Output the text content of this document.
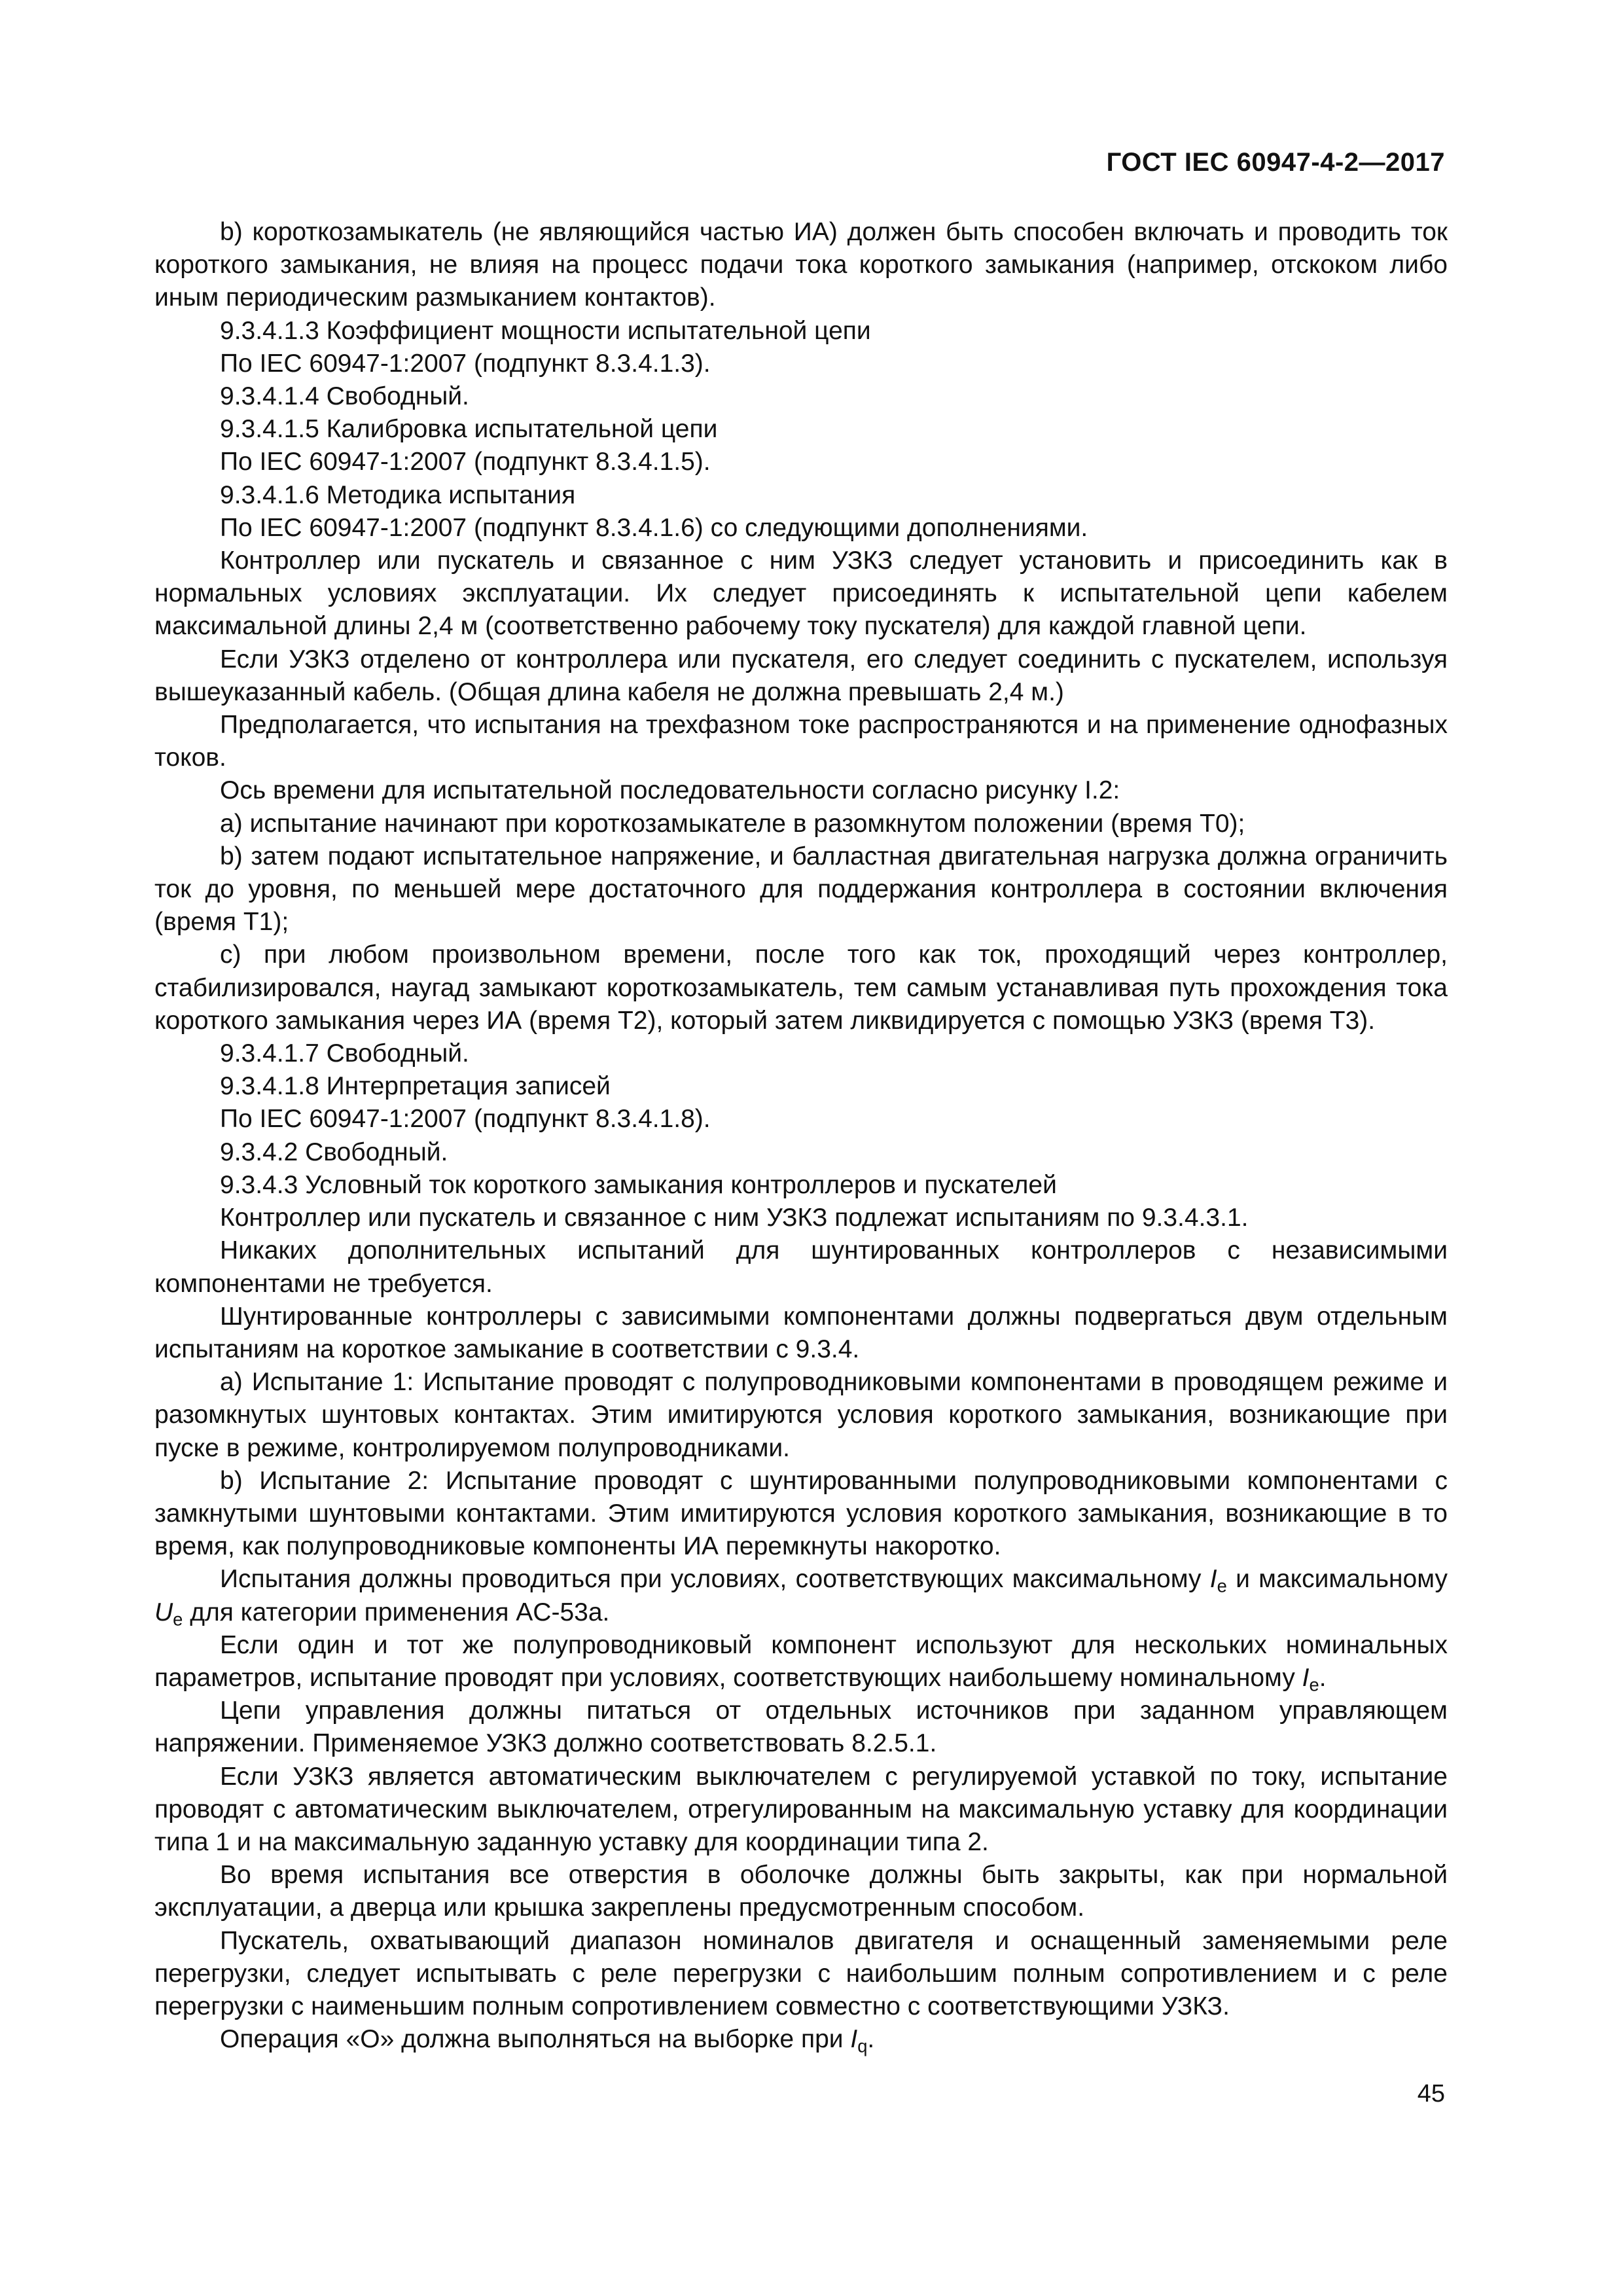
ГОСТ IEC 60947-4-2—2017

b) короткозамыкатель (не являющийся частью ИА) должен быть способен включать и проводить ток короткого замыкания, не влияя на процесс подачи тока короткого замыкания (например, отскоком либо иным периодическим размыканием контактов).

9.3.4.1.3 Коэффициент мощности испытательной цепи

По IEC 60947-1:2007 (подпункт 8.3.4.1.3).

9.3.4.1.4 Свободный.

9.3.4.1.5 Калибровка испытательной цепи

По IEC 60947-1:2007 (подпункт 8.3.4.1.5).

9.3.4.1.6 Методика испытания

По IEC 60947-1:2007 (подпункт 8.3.4.1.6) со следующими дополнениями.

Контроллер или пускатель и связанное с ним УЗКЗ следует установить и присоединить как в нормальных условиях эксплуатации. Их следует присоединять к испытательной цепи кабелем максимальной длины 2,4 м (соответственно рабочему току пускателя) для каждой главной цепи.

Если УЗКЗ отделено от контроллера или пускателя, его следует соединить с пускателем, используя вышеуказанный кабель. (Общая длина кабеля не должна превышать 2,4 м.)

Предполагается, что испытания на трехфазном токе распространяются и на применение однофазных токов.

Ось времени для испытательной последовательности согласно рисунку I.2:

a) испытание начинают при короткозамыкателе в разомкнутом положении (время T0);

b) затем подают испытательное напряжение, и балластная двигательная нагрузка должна ограничить ток до уровня, по меньшей мере достаточного для поддержания контроллера в состоянии включения (время T1);

c) при любом произвольном времени, после того как ток, проходящий через контроллер, стабилизировался, наугад замыкают короткозамыкатель, тем самым устанавливая путь прохождения тока короткого замыкания через ИА (время T2), который затем ликвидируется с помощью УЗКЗ (время T3).

9.3.4.1.7 Свободный.

9.3.4.1.8 Интерпретация записей

По IEC 60947-1:2007 (подпункт 8.3.4.1.8).

9.3.4.2 Свободный.

9.3.4.3 Условный ток короткого замыкания контроллеров и пускателей

Контроллер или пускатель и связанное с ним УЗКЗ подлежат испытаниям по 9.3.4.3.1.

Никаких дополнительных испытаний для шунтированных контроллеров с независимыми компонентами не требуется.

Шунтированные контроллеры с зависимыми компонентами должны подвергаться двум отдельным испытаниям на короткое замыкание в соответствии с 9.3.4.

a) Испытание 1: Испытание проводят с полупроводниковыми компонентами в проводящем режиме и разомкнутых шунтовых контактах. Этим имитируются условия короткого замыкания, возникающие при пуске в режиме, контролируемом полупроводниками.

b) Испытание 2: Испытание проводят с шунтированными полупроводниковыми компонентами с замкнутыми шунтовыми контактами. Этим имитируются условия короткого замыкания, возникающие в то время, как полупроводниковые компоненты ИА перемкнуты накоротко.

Испытания должны проводиться при условиях, соответствующих максимальному $I_e$ и максимальному $U_e$ для категории применения AC-53a.

Если один и тот же полупроводниковый компонент используют для нескольких номинальных параметров, испытание проводят при условиях, соответствующих наибольшему номинальному $I_e$.

Цепи управления должны питаться от отдельных источников при заданном управляющем напряжении. Применяемое УЗКЗ должно соответствовать 8.2.5.1.

Если УЗКЗ является автоматическим выключателем с регулируемой уставкой по току, испытание проводят с автоматическим выключателем, отрегулированным на максимальную уставку для координации типа 1 и на максимальную заданную уставку для координации типа 2.

Во время испытания все отверстия в оболочке должны быть закрыты, как при нормальной эксплуатации, а дверца или крышка закреплены предусмотренным способом.

Пускатель, охватывающий диапазон номиналов двигателя и оснащенный заменяемыми реле перегрузки, следует испытывать с реле перегрузки с наибольшим полным сопротивлением и с реле перегрузки с наименьшим полным сопротивлением совместно с соответствующими УЗКЗ.

Операция «О» должна выполняться на выборке при $I_q$.

45
